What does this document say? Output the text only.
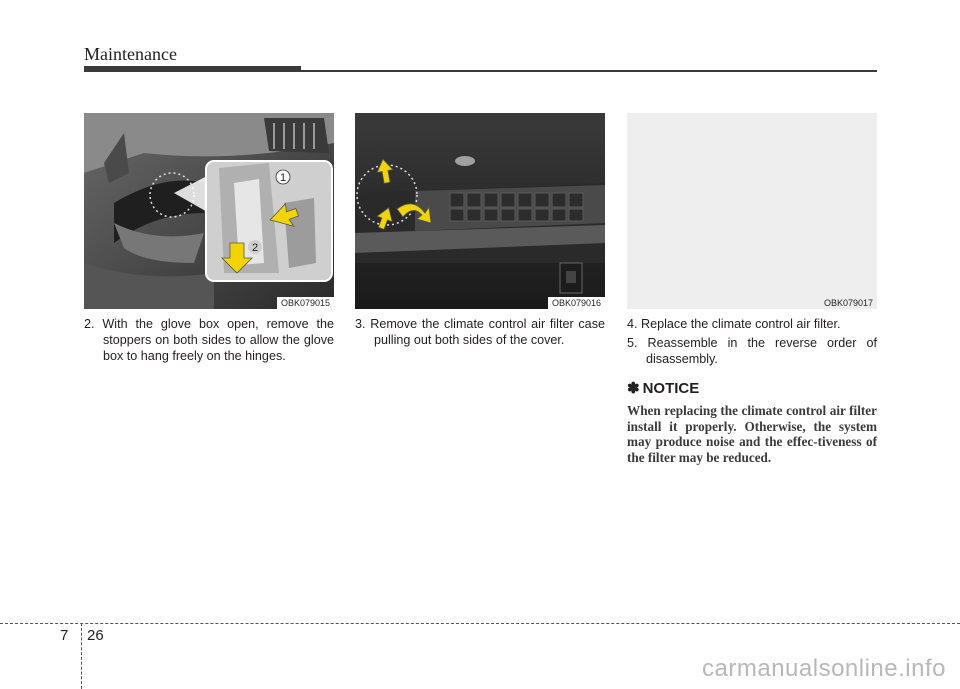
Maintenance
1
2
OBK079015	OBK079016	OBK079017

2. With the glove box open, remove the stoppers on both sides to allow the glove box to hang freely on the hinges.

3. Remove the climate control air filter case pulling out both sides of the cover.

4. Replace the climate control air filter.

5. Reassemble in the reverse order of disassembly.

✽ NOTICE
When replacing the climate control air filter install it properly. Otherwise, the system may produce noise and the effec-tiveness of the filter may be reduced.
7 26
carmanualsonline.info
